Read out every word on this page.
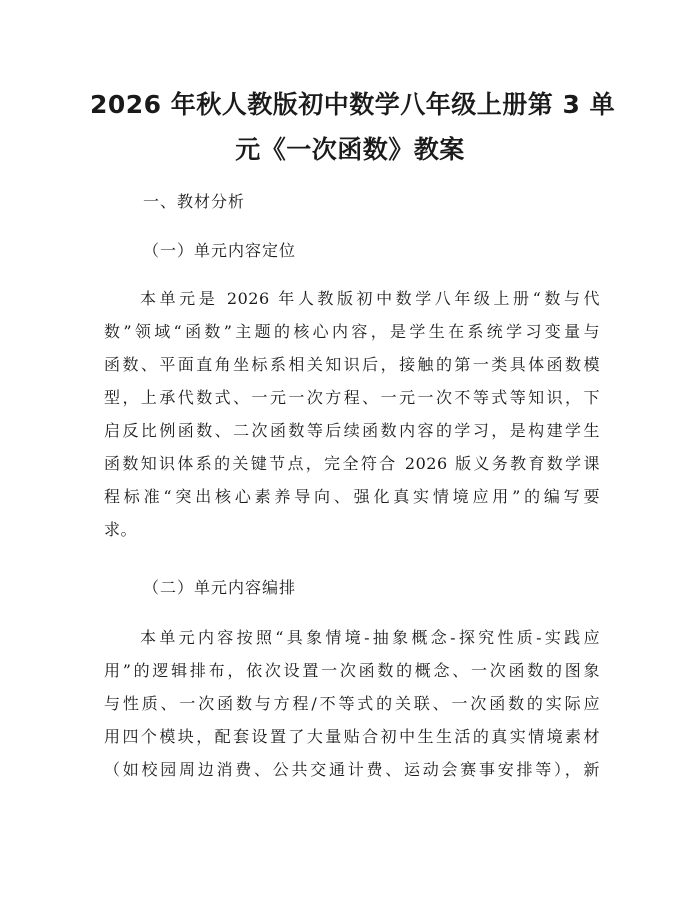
2026 年秋人教版初中数学八年级上册第 3 单
元《一次函数》教案
一、教材分析
（一）单元内容定位
本单元是 2026 年人教版初中数学八年级上册“数与代
数”领域“函数”主题的核心内容，是学生在系统学习变量与
函数、平面直角坐标系相关知识后，接触的第一类具体函数模
型，上承代数式、一元一次方程、一元一次不等式等知识，下
启反比例函数、二次函数等后续函数内容的学习，是构建学生
函数知识体系的关键节点，完全符合 2026 版义务教育数学课
程标准“突出核心素养导向、强化真实情境应用”的编写要
求。
（二）单元内容编排
本单元内容按照“具象情境-抽象概念-探究性质-实践应
用”的逻辑排布，依次设置一次函数的概念、一次函数的图象
与性质、一次函数与方程/不等式的关联、一次函数的实际应
用四个模块，配套设置了大量贴合初中生生活的真实情境素材
（如校园周边消费、公共交通计费、运动会赛事安排等），新
